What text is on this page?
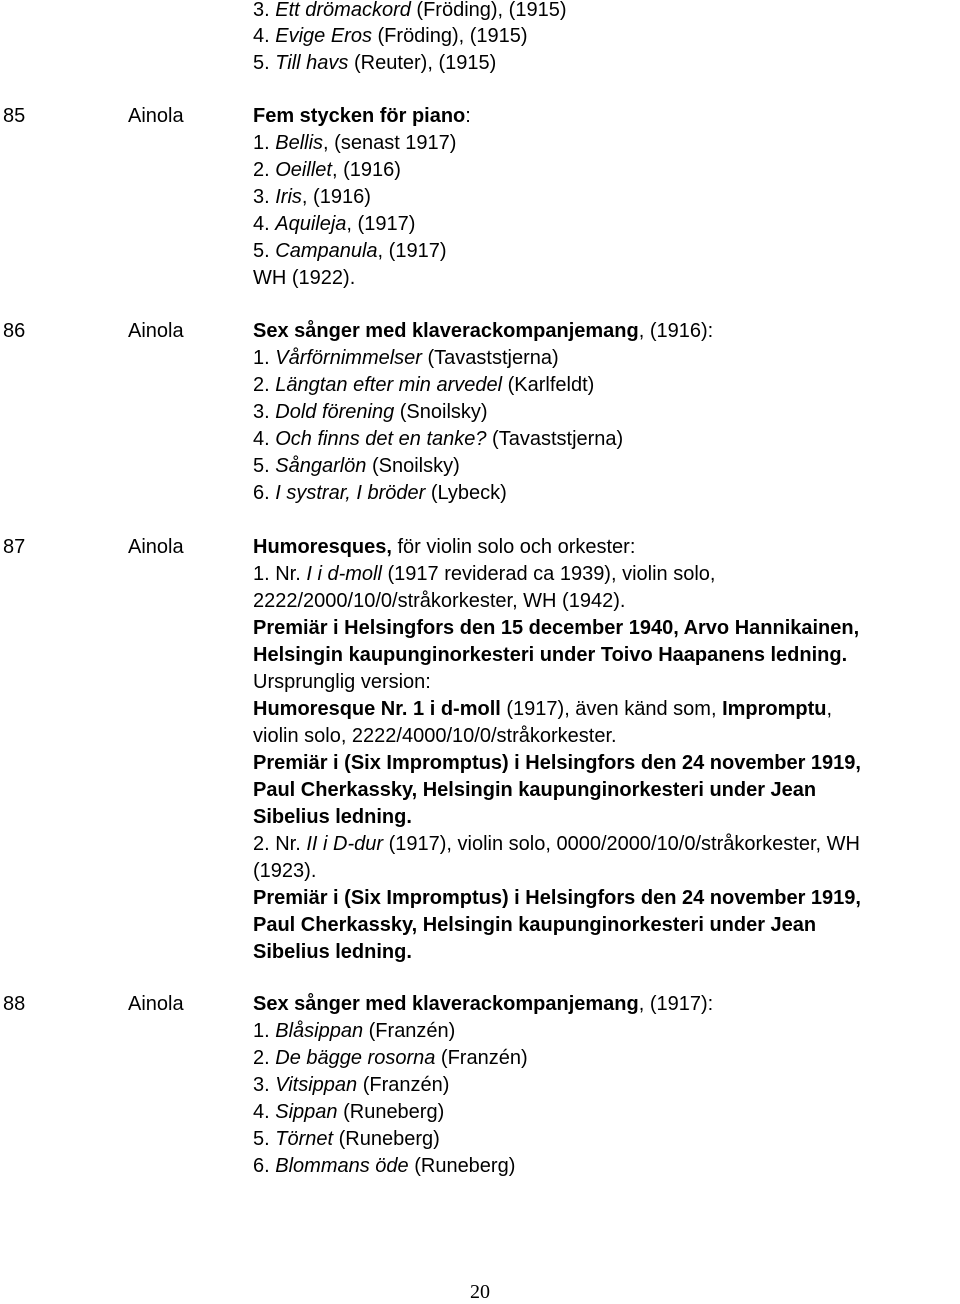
3. Ett drömackord (Fröding), (1915)
4. Evige Eros (Fröding), (1915)
5. Till havs (Reuter), (1915)
85	Ainola	Fem stycken för piano:
1. Bellis, (senast 1917)
2. Oeillet, (1916)
3. Iris, (1916)
4. Aquileja, (1917)
5. Campanula, (1917)
WH (1922).
86	Ainola	Sex sånger med klaverackompanjemang, (1916):
1. Vårförnimmelser (Tavaststjerna)
2. Längtan efter min arvedel (Karlfeldt)
3. Dold förening (Snoilsky)
4. Och finns det en tanke? (Tavaststjerna)
5. Sångarlön (Snoilsky)
6. I systrar, I bröder (Lybeck)
87	Ainola	Humoresques, för violin solo och orkester:
1. Nr. I i d-moll (1917 reviderad ca 1939), violin solo,
2222/2000/10/0/stråkorkester, WH (1942).
Premiär i Helsingfors den 15 december 1940, Arvo Hannikainen,
Helsingin kaupunginorkesteri under Toivo Haapanens ledning.
Ursprunglig version:
Humoresque Nr. 1 i d-moll (1917), även känd som, Impromptu,
violin solo, 2222/4000/10/0/stråkorkester.
Premiär i (Six Impromptus) i Helsingfors den 24 november 1919,
Paul Cherkassky, Helsingin kaupunginorkesteri under Jean
Sibelius ledning.
2. Nr. II i D-dur (1917), violin solo, 0000/2000/10/0/stråkorkester, WH
(1923).
Premiär i (Six Impromptus) i Helsingfors den 24 november 1919,
Paul Cherkassky, Helsingin kaupunginorkesteri under Jean
Sibelius ledning.
88	Ainola	Sex sånger med klaverackompanjemang, (1917):
1. Blåsippan (Franzén)
2. De bägge rosorna (Franzén)
3. Vitsippan (Franzén)
4. Sippan (Runeberg)
5. Törnet (Runeberg)
6. Blommans öde (Runeberg)
20
